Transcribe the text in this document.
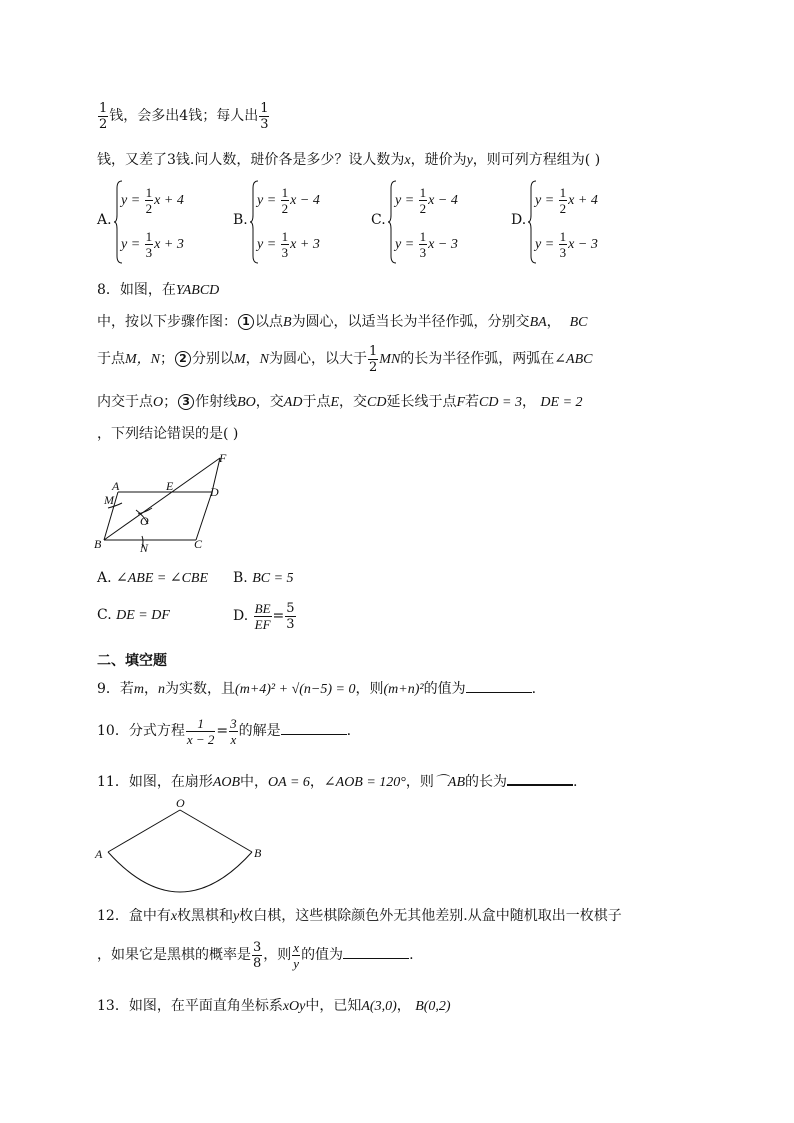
$\frac{1}{2}$ 钱，会多出4钱；每人出 $\frac{1}{3}$
钱，又差了3钱.问人数，琎价各是多少？设人数为x，琎价为y，则可列方程组为( )
A.
$y = \frac{1}{2}$ x + 4
$y = \frac{1}{3}$ x + 3
B.
$y = \frac{1}{2}$ x − 4
$y = \frac{1}{3}$ x + 3
C.
$y = \frac{1}{2}$ x − 4
$y = \frac{1}{3}$ x − 3
D.
$y = \frac{1}{2}$ x + 4
$y = \frac{1}{3}$ x − 3
8．如图，在YABCD
中，按以下步骤作图： 1 以点B为圆心，以适当长为半径作弧，分别交BA， BC
于点M，N； 2 分别以M，N为圆心，以大于 $\frac{1}{2}$ MN的长为半径作弧，两弧在∠ABC
内交于点O； 3 作射线BO，交AD于点E，交CD延长线于点F若CD = 3， DE = 2
，下列结论错误的是( )
A
M
O
B	N	C
E	D
F
A. ∠ABE = ∠CBE B. BC = 5
C. DE = DF	D. $\frac{BE}{EF} = \frac{5}{3}$
二、填空题
9．若m，n为实数，且(m+4)² + √(n−5) = 0，则(m+n)²的值为	.
10．分式方程 $\frac{1}{x - 2} = \frac{3}{x}$ 的解是	.
11．如图，在扇形AOB中，OA = 6，∠AOB = 120°，则⌒AB的长为	.
O
A	B
12．盒中有x枚黑棋和y枚白棋，这些棋除颜色外无其他差别.从盒中随机取出一枚棋子
，如果它是黑棋的概率是 $\frac{3}{8}$ ，则 $\frac{x}{y}$ 的值为	.
13．如图，在平面直角坐标系xOy中，已知A(3,0)， B(0,2)
